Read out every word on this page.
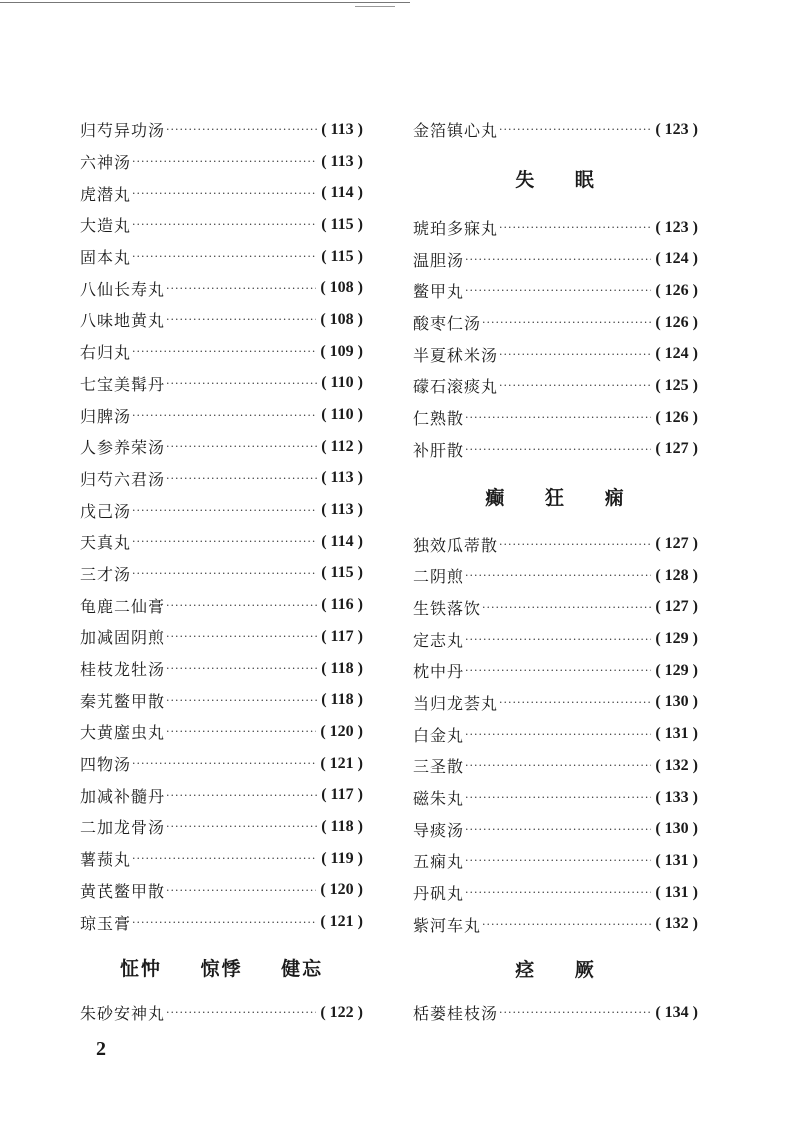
归芍异功汤 ·····	( 113 )
六神汤 ·····	( 113 )
虎潜丸 ·····	( 114 )
大造丸 ·····	( 115 )
固本丸 ·····	( 115 )
八仙长寿丸 ·····	( 108 )
八味地黄丸 ·····	( 108 )
右归丸 ·····	( 109 )
七宝美髯丹 ·····	( 110 )
归脾汤 ·····	( 110 )
人参养荣汤 ·····	( 112 )
归芍六君汤 ·····	( 113 )
戊己汤 ·····	( 113 )
天真丸 ·····	( 114 )
三才汤 ·····	( 115 )
龟鹿二仙膏 ·····	( 116 )
加减固阴煎 ·····	( 117 )
桂枝龙牡汤 ·····	( 118 )
秦艽鳖甲散 ·····	( 118 )
大黄䗪虫丸 ·····	( 120 )
四物汤 ·····	( 121 )
加减补髓丹 ·····	( 117 )
二加龙骨汤 ·····	( 118 )
薯蓣丸 ·····	( 119 )
黄芪鳖甲散 ·····	( 120 )
琼玉膏 ·····	( 121 )
怔忡 惊悸 健忘
朱砂安神丸 ·····	( 122 )
金箔镇心丸 ·····	( 123 )
失 眠
琥珀多寐丸 ·····	( 123 )
温胆汤 ·····	( 124 )
鳖甲丸 ·····	( 126 )
酸枣仁汤 ·····	( 126 )
半夏秫米汤 ·····	( 124 )
礞石滚痰丸 ·····	( 125 )
仁熟散 ·····	( 126 )
补肝散 ·····	( 127 )
癫 狂 痫
独效瓜蒂散 ·····	( 127 )
二阴煎 ·····	( 128 )
生铁落饮 ·····	( 127 )
定志丸 ·····	( 129 )
枕中丹 ·····	( 129 )
当归龙荟丸 ·····	( 130 )
白金丸 ·····	( 131 )
三圣散 ·····	( 132 )
磁朱丸 ·····	( 133 )
导痰汤 ·····	( 130 )
五痫丸 ·····	( 131 )
丹矾丸 ·····	( 131 )
紫河车丸 ·····	( 132 )
痉 厥
栝蒌桂枝汤 ·····	( 134 )
2
